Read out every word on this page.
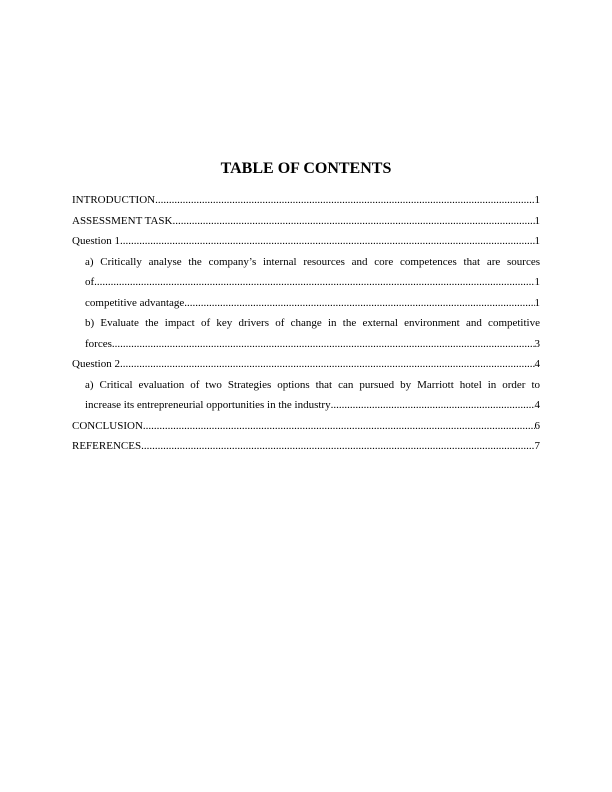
TABLE OF CONTENTS
INTRODUCTION .....	1
ASSESSMENT TASK .....	1
Question 1 .....	1
a) Critically analyse the company’s internal resources and core competences that are sources
of .....	1
competitive advantage .....	1
b) Evaluate the impact of key drivers of change in the external environment and competitive
forces .....	3
Question 2 .....	4
a) Critical evaluation of two Strategies options that can pursued by Marriott hotel in order to
increase its entrepreneurial opportunities in the industry .....	4
CONCLUSION .....	6
REFERENCES .....	7
